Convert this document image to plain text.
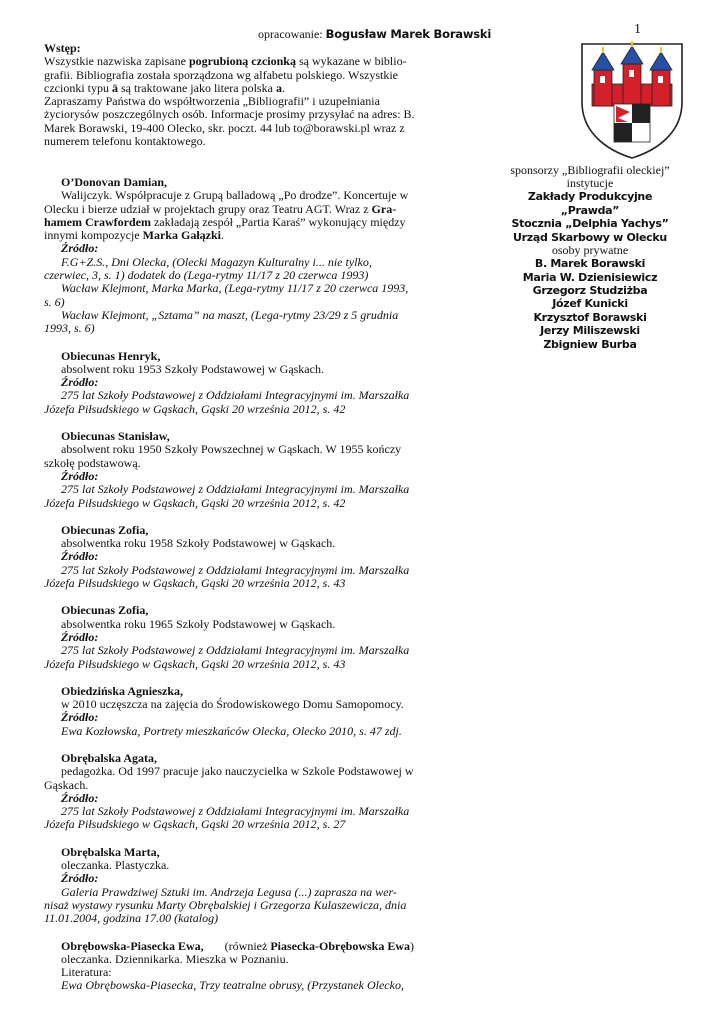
opracowanie: Bogusław Marek Borawski	1
sponsorzy „Bibliografii oleckiej”
instytucje
Zakłady Produkcyjne „Prawda”
Stocznia „Delphia Yachys”
Urząd Skarbowy w Olecku
osoby prywatne
B. Marek Borawski
Maria W. Dzienisiewicz
Grzegorz Studziżba
Józef Kunicki
Krzysztof Borawski
Jerzy Miliszewski
Zbigniew Burba

Wstęp:

Wszystkie nazwiska zapisane pogrubioną czcionką są wykazane w biblio-grafii. Bibliografia została sporządzona wg alfabetu polskiego. Wszystkie czcionki typu ä są traktowane jako litera polska a.

Zapraszamy Państwa do współtworzenia „Bibliografii” i uzupełniania życiorysów poszczególnych osób. Informacje prosimy przysyłać na adres: B. Marek Borawski, 19-400 Olecko, skr. poczt. 44 lub to@borawski.pl wraz z numerem telefonu kontaktowego.

O’Donovan Damian,
Walijczyk. Współpracuje z Grupą balladową „Po drodze”. Koncertuje w Olecku i bierze udział w projektach grupy oraz Teatru AGT. Wraz z Gra-hamem Crawfordem zakładają zespół „Partia Karaś” wykonujący między innymi kompozycje Marka Gałązki.
Źródło:
F.G+Z.S., Dni Olecka, (Olecki Magazyn Kulturalny i... nie tylko, czerwiec, 3, s. 1) dodatek do (Lega-rytmy 11/17 z 20 czerwca 1993)
Wacław Klejmont, Marka Marka, (Lega-rytmy 11/17 z 20 czerwca 1993, s. 6)
Wacław Klejmont, „Sztama” na maszt, (Lega-rytmy 23/29 z 5 grudnia 1993, s. 6)
Obiecunas Henryk,
absolwent roku 1953 Szkoły Podstawowej w Gąskach.
Źródło:
275 lat Szkoły Podstawowej z Oddziałami Integracyjnymi im. Marszałka Józefa Piłsudskiego w Gąskach, Gąski 20 września 2012, s. 42
Obiecunas Stanisław,
absolwent roku 1950 Szkoły Powszechnej w Gąskach. W 1955 kończy szkołę podstawową.
Źródło:
275 lat Szkoły Podstawowej z Oddziałami Integracyjnymi im. Marszałka Józefa Piłsudskiego w Gąskach, Gąski 20 września 2012, s. 42
Obiecunas Zofia,
absolwentka roku 1958 Szkoły Podstawowej w Gąskach.
Źródło:
275 lat Szkoły Podstawowej z Oddziałami Integracyjnymi im. Marszałka Józefa Piłsudskiego w Gąskach, Gąski 20 września 2012, s. 43
Obiecunas Zofia,
absolwentka roku 1965 Szkoły Podstawowej w Gąskach.
Źródło:
275 lat Szkoły Podstawowej z Oddziałami Integracyjnymi im. Marszałka Józefa Piłsudskiego w Gąskach, Gąski 20 września 2012, s. 43
Obiedzińska Agnieszka,
w 2010 uczęszcza na zajęcia do Środowiskowego Domu Samopomocy.
Źródło:
Ewa Kozłowska, Portrety mieszkańców Olecka, Olecko 2010, s. 47 zdj.
Obrębalska Agata,
pedagożka. Od 1997 pracuje jako nauczycielka w Szkole Podstawowej w Gąskach.
Źródło:
275 lat Szkoły Podstawowej z Oddziałami Integracyjnymi im. Marszałka Józefa Piłsudskiego w Gąskach, Gąski 20 września 2012, s. 27
Obrębalska Marta,
oleczanka. Plastyczka.
Źródło:
Galeria Prawdziwej Sztuki im. Andrzeja Legusa (...) zaprasza na wer-nisaż wystawy rysunku Marty Obrębalskiej i Grzegorza Kulaszewicza, dnia 11.01.2004, godzina 17.00 (katalog)
Obrębowska-Piasecka Ewa, (również Piasecka-Obrębowska Ewa)
oleczanka. Dziennikarka. Mieszka w Poznaniu.
Literatura:
Ewa Obrębowska-Piasecka, Trzy teatralne obrusy, (Przystanek Olecko,
